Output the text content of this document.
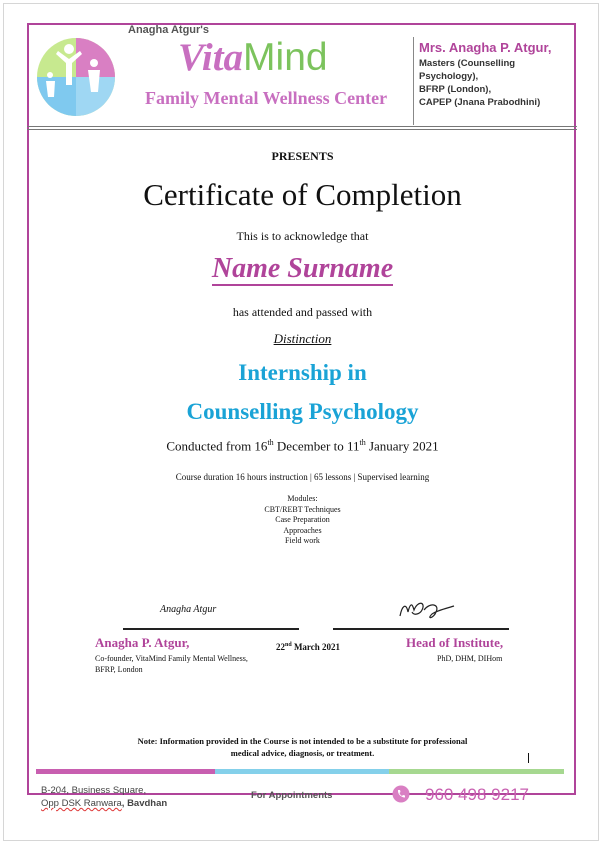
Anagha Atgur's
VitaMind
Family Mental Wellness Center
Mrs. Anagha P. Atgur,
Masters (Counselling
Psychology),
BFRP (London),
CAPEP (Jnana Prabodhini)
PRESENTS
Certificate of Completion
This is to acknowledge that
Name Surname
has attended and passed with
Distinction
Internship in
Counselling Psychology
Conducted from 16th December to 11th January 2021
Course duration 16 hours instruction | 65 lessons | Supervised learning
Modules:
CBT/REBT Techniques
Case Preparation
Approaches
Field work
Anagha Atgur
Anagha P. Atgur,
Co-founder, VitaMind Family Mental Wellness,
BFRP, London
22nd March 2021	Head of Institute,
PhD, DHM, DIHom
Note: Information provided in the Course is not intended to be a substitute for professional
medical advice, diagnosis, or treatment.
B-204, Business Square,
Opp DSK Ranwara, Bavdhan
For Appointments	960 498 9217
